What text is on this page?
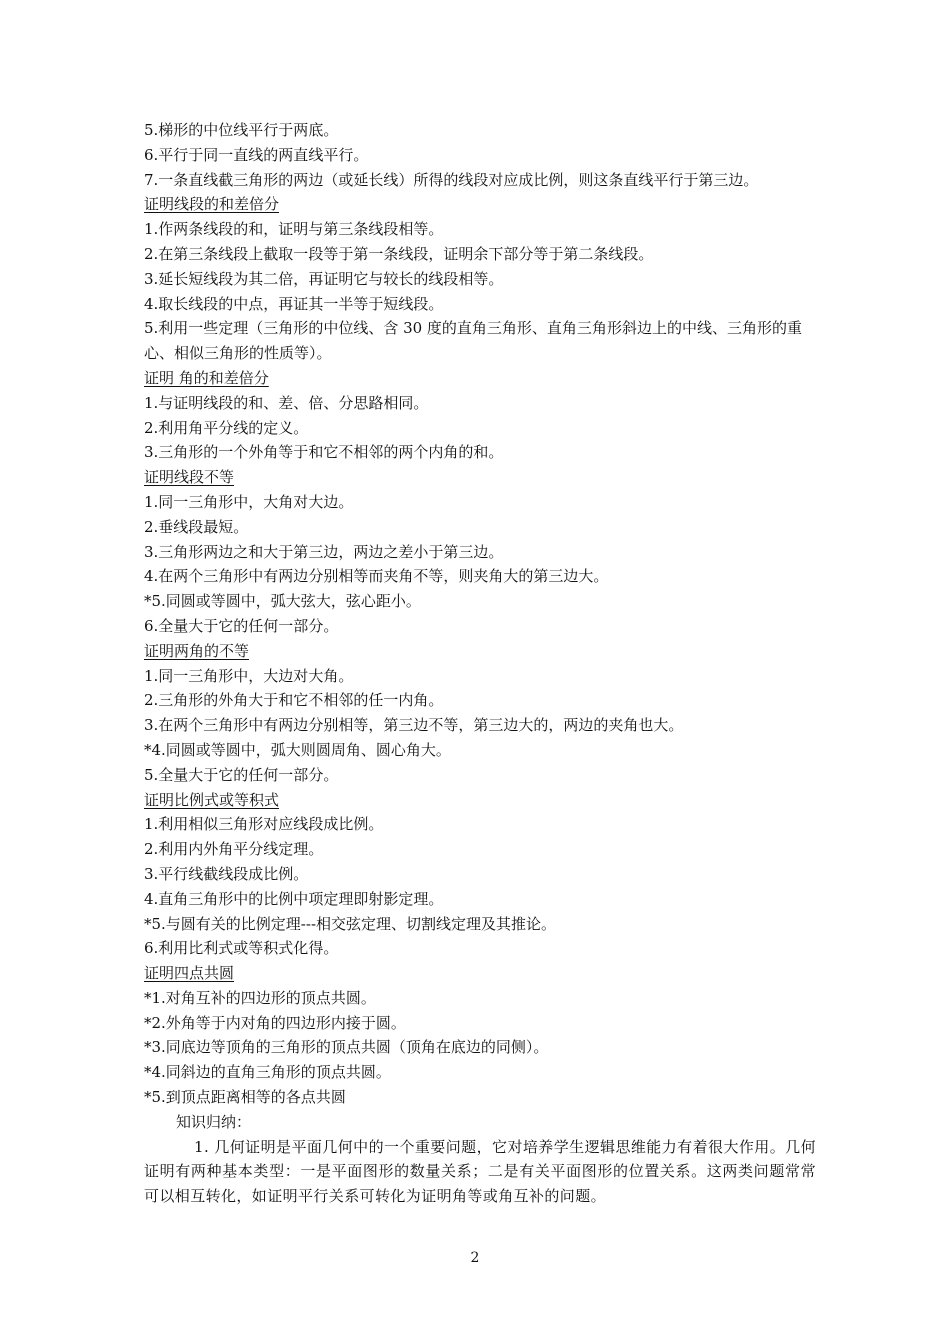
5.梯形的中位线平行于两底。
6.平行于同一直线的两直线平行。
7.一条直线截三角形的两边（或延长线）所得的线段对应成比例，则这条直线平行于第三边。
证明线段的和差倍分
1.作两条线段的和，证明与第三条线段相等。
2.在第三条线段上截取一段等于第一条线段，证明余下部分等于第二条线段。
3.延长短线段为其二倍，再证明它与较长的线段相等。
4.取长线段的中点，再证其一半等于短线段。
5.利用一些定理（三角形的中位线、含 30 度的直角三角形、直角三角形斜边上的中线、三角形的重心、相似三角形的性质等）。
证明 角的和差倍分
1.与证明线段的和、差、倍、分思路相同。
2.利用角平分线的定义。
3.三角形的一个外角等于和它不相邻的两个内角的和。
证明线段不等
1.同一三角形中，大角对大边。
2.垂线段最短。
3.三角形两边之和大于第三边，两边之差小于第三边。
4.在两个三角形中有两边分别相等而夹角不等，则夹角大的第三边大。
*5.同圆或等圆中，弧大弦大，弦心距小。
6.全量大于它的任何一部分。
证明两角的不等
1.同一三角形中，大边对大角。
2.三角形的外角大于和它不相邻的任一内角。
3.在两个三角形中有两边分别相等，第三边不等，第三边大的，两边的夹角也大。
*4.同圆或等圆中，弧大则圆周角、圆心角大。
5.全量大于它的任何一部分。
证明比例式或等积式
1.利用相似三角形对应线段成比例。
2.利用内外角平分线定理。
3.平行线截线段成比例。
4.直角三角形中的比例中项定理即射影定理。
*5.与圆有关的比例定理---相交弦定理、切割线定理及其推论。
6.利用比利式或等积式化得。
证明四点共圆
*1.对角互补的四边形的顶点共圆。
*2.外角等于内对角的四边形内接于圆。
*3.同底边等顶角的三角形的顶点共圆（顶角在底边的同侧）。
*4.同斜边的直角三角形的顶点共圆。
*5.到顶点距离相等的各点共圆
知识归纳：
1. 几何证明是平面几何中的一个重要问题，它对培养学生逻辑思维能力有着很大作用。几何证明有两种基本类型：一是平面图形的数量关系；二是有关平面图形的位置关系。这两类问题常常可以相互转化，如证明平行关系可转化为证明角等或角互补的问题。
2
